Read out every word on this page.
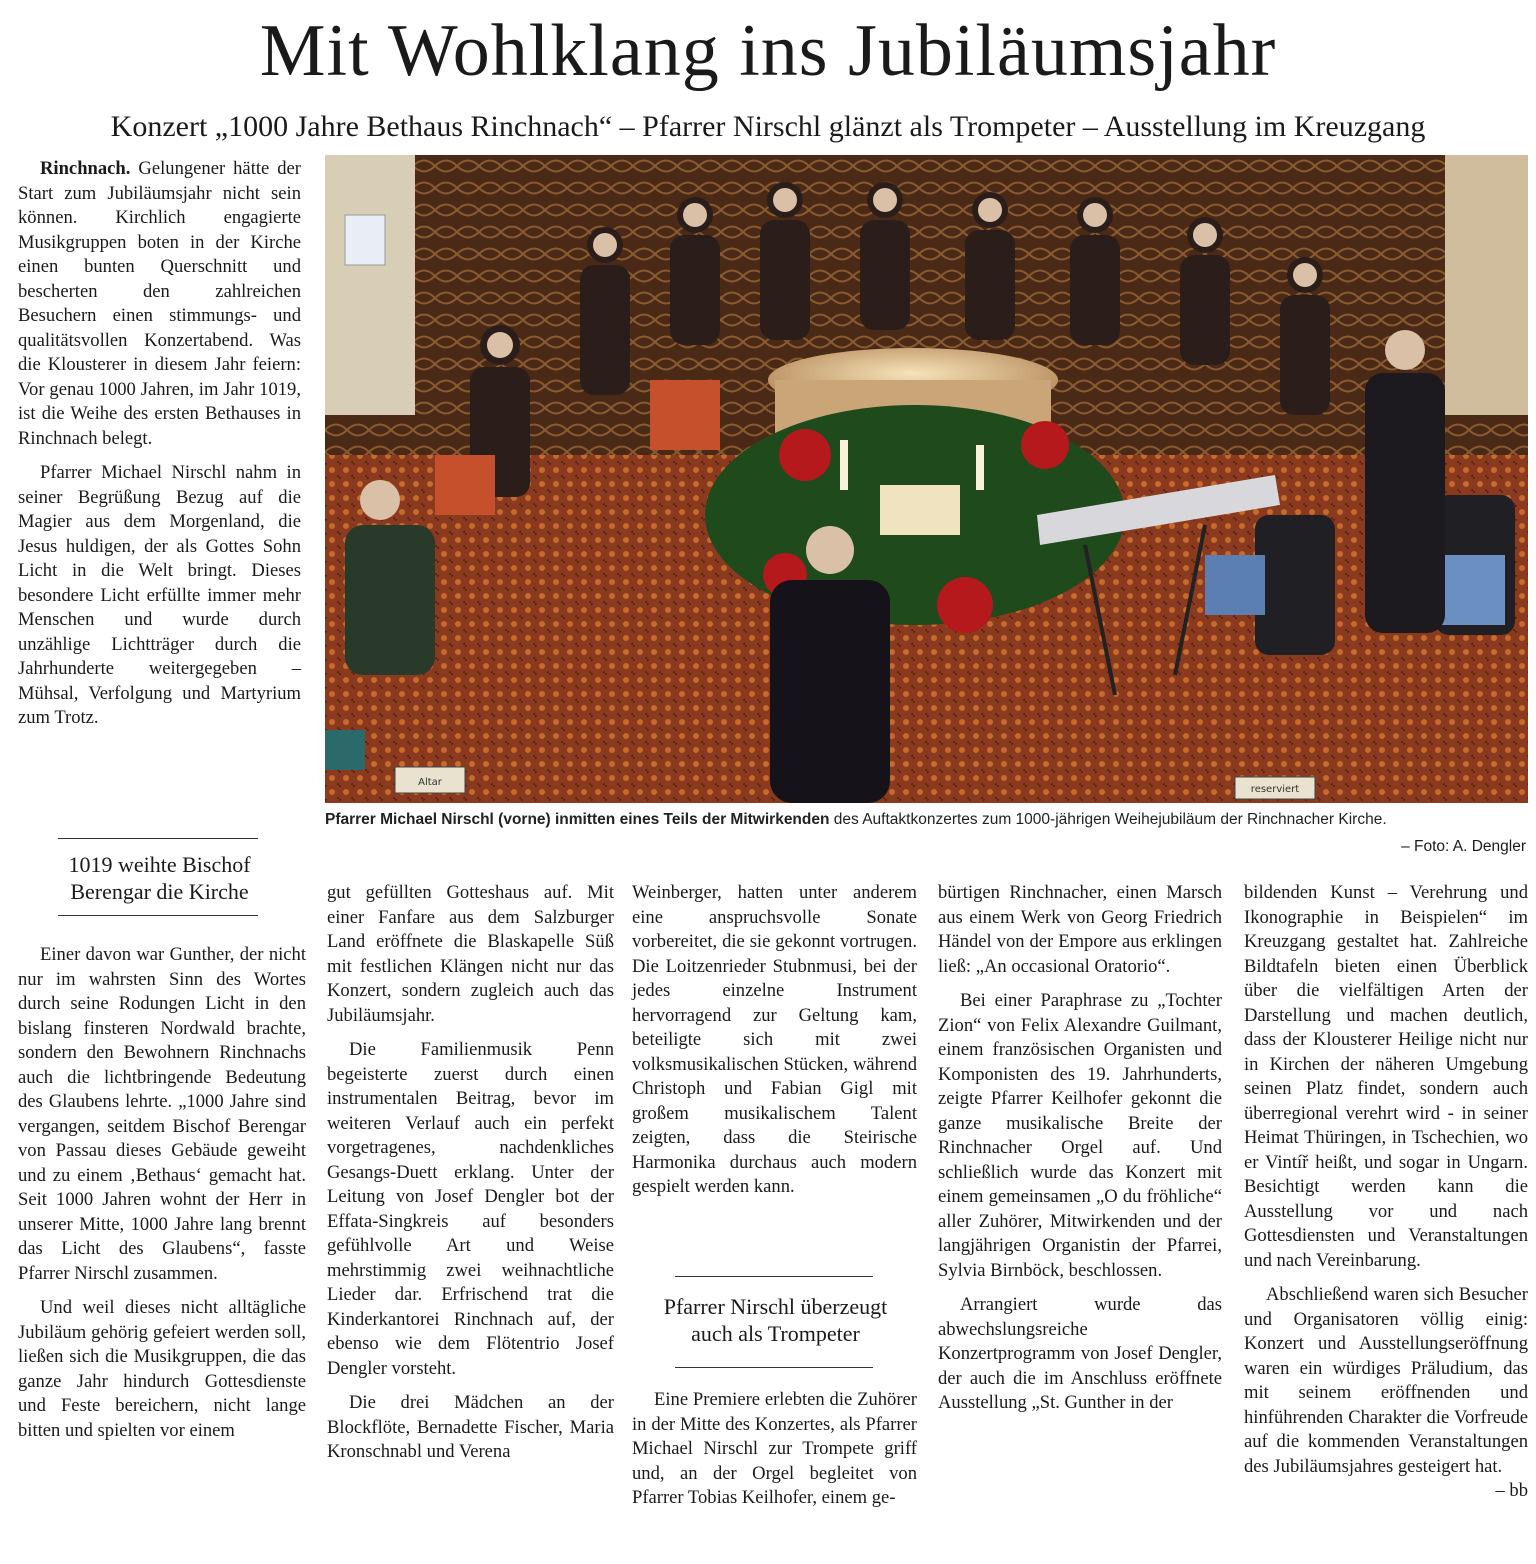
Mit Wohlklang ins Jubiläumsjahr
Konzert „1000 Jahre Bethaus Rinchnach“ – Pfarrer Nirschl glänzt als Trompeter – Ausstellung im Kreuzgang

Rinchnach. Gelungener hätte der Start zum Jubiläumsjahr nicht sein können. Kirchlich engagierte Musikgruppen boten in der Kirche einen bunten Querschnitt und bescherten den zahlreichen Besuchern einen stimmungs- und qualitätsvollen Konzertabend. Was die Klousterer in diesem Jahr feiern: Vor genau 1000 Jahren, im Jahr 1019, ist die Weihe des ersten Bethauses in Rinchnach belegt.

Pfarrer Michael Nirschl nahm in seiner Begrüßung Bezug auf die Magier aus dem Morgenland, die Jesus huldigen, der als Gottes Sohn Licht in die Welt bringt. Dieses besondere Licht erfüllte immer mehr Menschen und wurde durch unzählige Lichtträger durch die Jahrhunderte weitergegeben – Mühsal, Verfolgung und Martyrium zum Trotz.

1019 weihte Bischof
Berengar die Kirche

Einer davon war Gunther, der nicht nur im wahrsten Sinn des Wortes durch seine Rodungen Licht in den bislang finsteren Nordwald brachte, sondern den Bewohnern Rinchnachs auch die lichtbringende Bedeutung des Glaubens lehrte. „1000 Jahre sind vergangen, seitdem Bischof Berengar von Passau dieses Gebäude geweiht und zu einem ‚Bethaus‘ gemacht hat. Seit 1000 Jahren wohnt der Herr in unserer Mitte, 1000 Jahre lang brennt das Licht des Glaubens“, fasste Pfarrer Nirschl zusammen.

Und weil dieses nicht alltägliche Jubiläum gehörig gefeiert werden soll, ließen sich die Musikgruppen, die das ganze Jahr hindurch Gottesdienste und Feste bereichern, nicht lange bitten und spielten vor einem

gut gefüllten Gotteshaus auf. Mit einer Fanfare aus dem Salzburger Land eröffnete die Blaskapelle Süß mit festlichen Klängen nicht nur das Konzert, sondern zugleich auch das Jubiläumsjahr.

Die Familienmusik Penn begeisterte zuerst durch einen instrumentalen Beitrag, bevor im weiteren Verlauf auch ein perfekt vorgetragenes, nachdenkliches Gesangs-Duett erklang. Unter der Leitung von Josef Dengler bot der Effata-Singkreis auf besonders gefühlvolle Art und Weise mehrstimmig zwei weihnachtliche Lieder dar. Erfrischend trat die Kinderkantorei Rinchnach auf, der ebenso wie dem Flötentrio Josef Dengler vorsteht.

Die drei Mädchen an der Blockflöte, Bernadette Fischer, Maria Kronschnabl und Verena

Weinberger, hatten unter anderem eine anspruchsvolle Sonate vorbereitet, die sie gekonnt vortrugen. Die Loitzenrieder Stubnmusi, bei der jedes einzelne Instrument hervorragend zur Geltung kam, beteiligte sich mit zwei volksmusikalischen Stücken, während Christoph und Fabian Gigl mit großem musikalischem Talent zeigten, dass die Steirische Harmonika durchaus auch modern gespielt werden kann.

Pfarrer Nirschl überzeugt
auch als Trompeter

Eine Premiere erlebten die Zuhörer in der Mitte des Konzertes, als Pfarrer Michael Nirschl zur Trompete griff und, an der Orgel begleitet von Pfarrer Tobias Keilhofer, einem ge-

bürtigen Rinchnacher, einen Marsch aus einem Werk von Georg Friedrich Händel von der Empore aus erklingen ließ: „An occasional Oratorio“.

Bei einer Paraphrase zu „Tochter Zion“ von Felix Alexandre Guilmant, einem französischen Organisten und Komponisten des 19. Jahrhunderts, zeigte Pfarrer Keilhofer gekonnt die ganze musikalische Breite der Rinchnacher Orgel auf. Und schließlich wurde das Konzert mit einem gemeinsamen „O du fröhliche“ aller Zuhörer, Mitwirkenden und der langjährigen Organistin der Pfarrei, Sylvia Birnböck, beschlossen.

Arrangiert wurde das abwechslungsreiche Konzertprogramm von Josef Dengler, der auch die im Anschluss eröffnete Ausstellung „St. Gunther in der

bildenden Kunst – Verehrung und Ikonographie in Beispielen“ im Kreuzgang gestaltet hat. Zahlreiche Bildtafeln bieten einen Überblick über die vielfältigen Arten der Darstellung und machen deutlich, dass der Klousterer Heilige nicht nur in Kirchen der näheren Umgebung seinen Platz findet, sondern auch überregional verehrt wird - in seiner Heimat Thüringen, in Tschechien, wo er Vintíř heißt, und sogar in Ungarn. Besichtigt werden kann die Ausstellung vor und nach Gottesdiensten und Veranstaltungen und nach Vereinbarung.

Abschließend waren sich Besucher und Organisatoren völlig einig: Konzert und Ausstellungseröffnung waren ein würdiges Präludium, das mit seinem eröffnenden und hinführenden Charakter die Vorfreude auf die kommenden Veranstaltungen des Jubiläumsjahres gesteigert hat.
– bb

Altar
reserviert
Pfarrer Michael Nirschl (vorne) inmitten eines Teils der Mitwirkenden des Auftaktkonzertes zum 1000-jährigen Weihejubiläum der Rinchnacher Kirche.
– Foto: A. Dengler
